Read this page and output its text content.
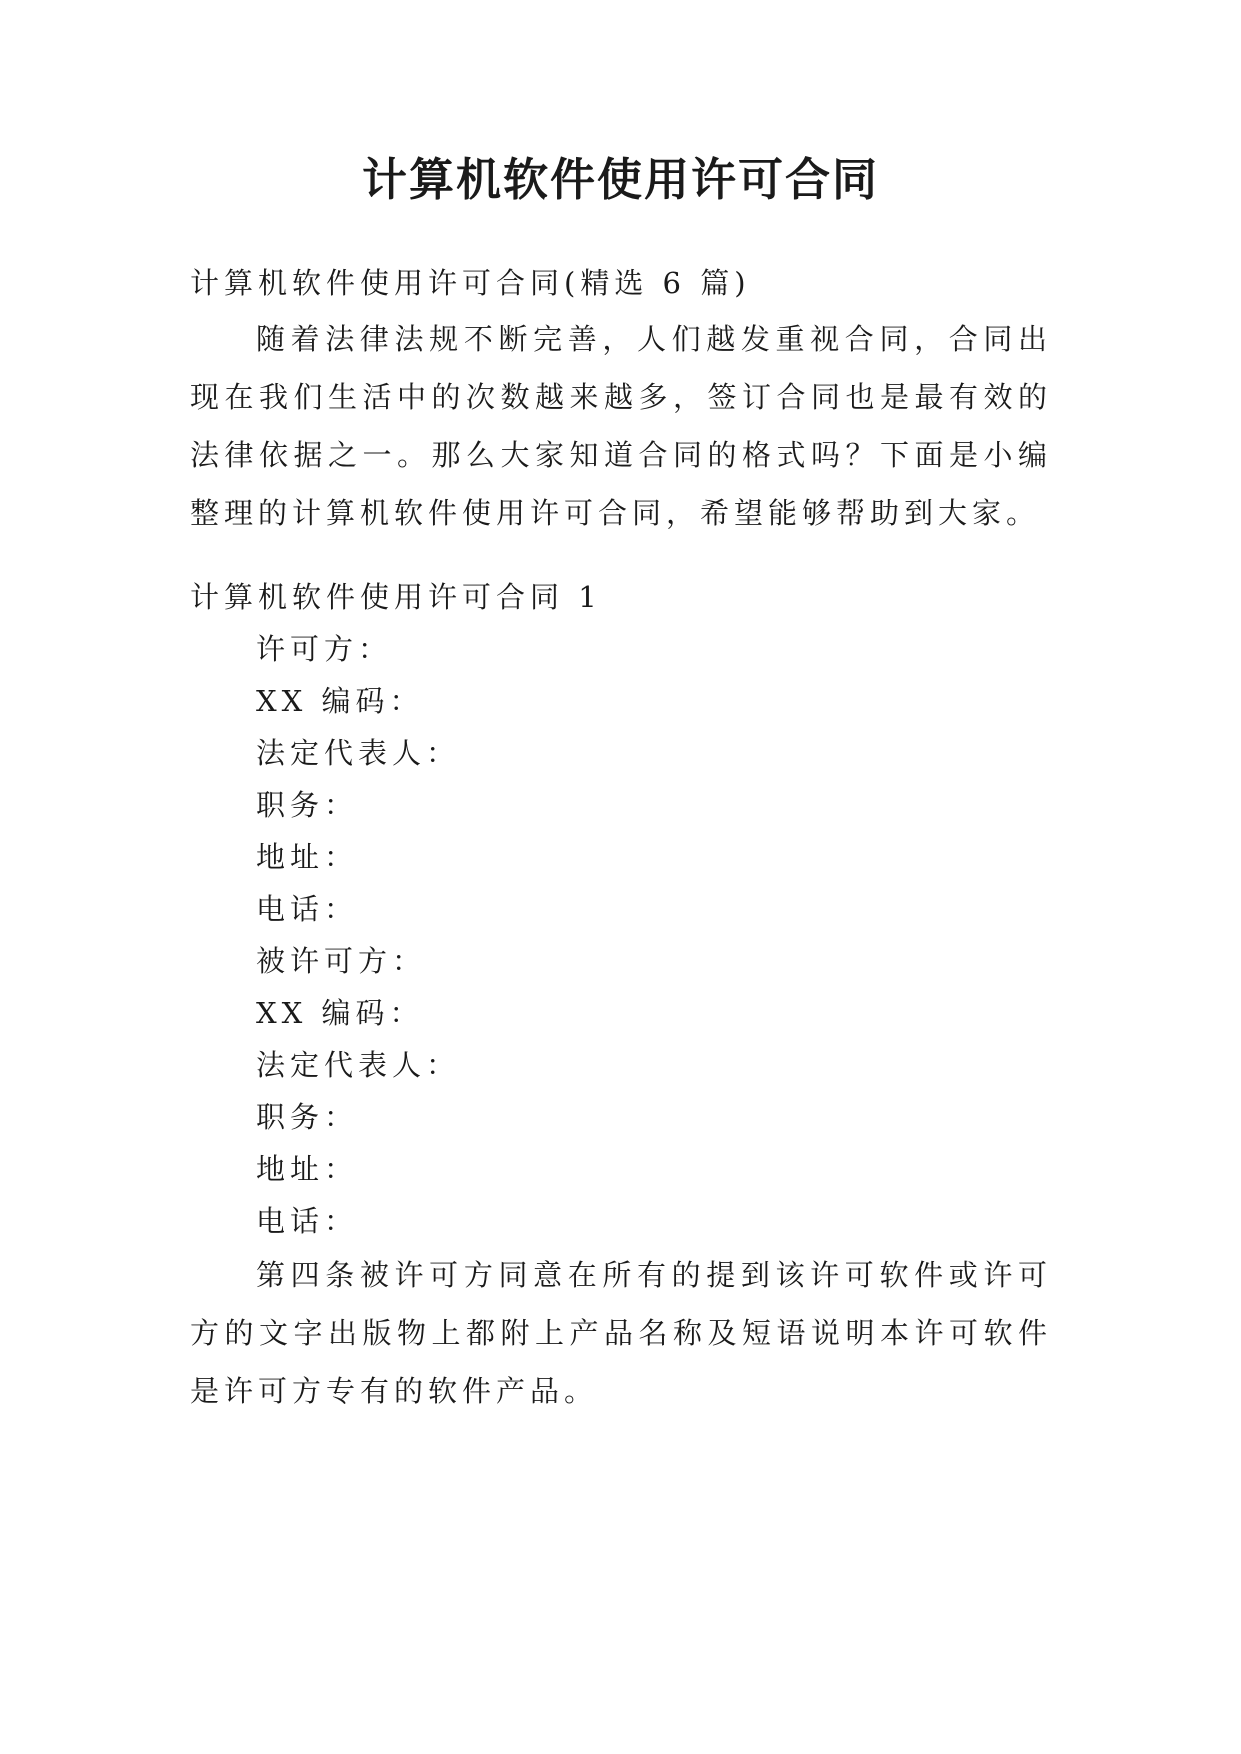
计算机软件使用许可合同

计算机软件使用许可合同(精选 6 篇)

随着法律法规不断完善，人们越发重视合同，合同出现在我们生活中的次数越来越多，签订合同也是最有效的法律依据之一。那么大家知道合同的格式吗？下面是小编整理的计算机软件使用许可合同，希望能够帮助到大家。

计算机软件使用许可合同 1

许可方：

XX 编码：

法定代表人：

职务：

地址：

电话：

被许可方：

XX 编码：

法定代表人：

职务：

地址：

电话：

第四条被许可方同意在所有的提到该许可软件或许可方的文字出版物上都附上产品名称及短语说明本许可软件是许可方专有的软件产品。
